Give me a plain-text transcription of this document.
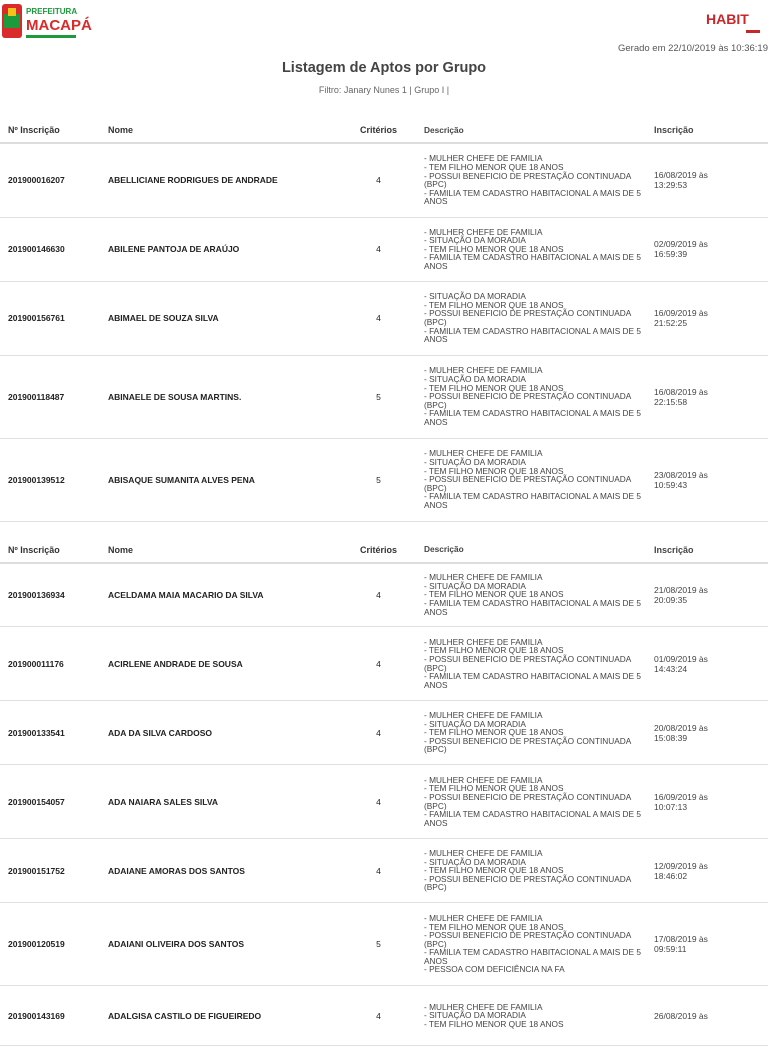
PREFEITURA
MACAPÁ	HABIT
Gerado em 22/10/2019 às 10:36:19
Listagem de Aptos por Grupo
Filtro: Janary Nunes 1 | Grupo I |
Nº Inscrição	Nome	Critérios	Descrição	Inscrição
201900016207	ABELLICIANE RODRIGUES DE ANDRADE	4	- MULHER CHEFE DE FAMILIA
- TEM FILHO MENOR QUE 18 ANOS
- POSSUI BENEFICIO DE PRESTAÇÃO CONTINUADA (BPC)
- FAMILIA TEM CADASTRO HABITACIONAL A MAIS DE 5 ANOS	16/08/2019 às
13:29:53

201900146630	ABILENE PANTOJA DE ARAÚJO	4	- MULHER CHEFE DE FAMILIA
- SITUAÇÃO DA MORADIA
- TEM FILHO MENOR QUE 18 ANOS
- FAMILIA TEM CADASTRO HABITACIONAL A MAIS DE 5 ANOS	02/09/2019 às
16:59:39

201900156761	ABIMAEL DE SOUZA SILVA	4	- SITUAÇÃO DA MORADIA
- TEM FILHO MENOR QUE 18 ANOS
- POSSUI BENEFICIO DE PRESTAÇÃO CONTINUADA (BPC)
- FAMILIA TEM CADASTRO HABITACIONAL A MAIS DE 5 ANOS	16/09/2019 às
21:52:25

201900118487	ABINAELE DE SOUSA MARTINS.	5	- MULHER CHEFE DE FAMILIA
- SITUAÇÃO DA MORADIA
- TEM FILHO MENOR QUE 18 ANOS
- POSSUI BENEFICIO DE PRESTAÇÃO CONTINUADA (BPC)
- FAMILIA TEM CADASTRO HABITACIONAL A MAIS DE 5 ANOS	16/08/2019 às
22:15:58

201900139512	ABISAQUE SUMANITA ALVES PENA	5	- MULHER CHEFE DE FAMILIA
- SITUAÇÃO DA MORADIA
- TEM FILHO MENOR QUE 18 ANOS
- POSSUI BENEFICIO DE PRESTAÇÃO CONTINUADA (BPC)
- FAMILIA TEM CADASTRO HABITACIONAL A MAIS DE 5 ANOS	23/08/2019 às
10:59:43
Nº Inscrição	Nome	Critérios	Descrição	Inscrição
201900136934	ACELDAMA MAIA MACARIO DA SILVA	4	- MULHER CHEFE DE FAMILIA
- SITUAÇÃO DA MORADIA
- TEM FILHO MENOR QUE 18 ANOS
- FAMILIA TEM CADASTRO HABITACIONAL A MAIS DE 5 ANOS	21/08/2019 às
20:09:35

201900011176	ACIRLENE ANDRADE DE SOUSA	4	- MULHER CHEFE DE FAMILIA
- TEM FILHO MENOR QUE 18 ANOS
- POSSUI BENEFICIO DE PRESTAÇÃO CONTINUADA (BPC)
- FAMILIA TEM CADASTRO HABITACIONAL A MAIS DE 5 ANOS	01/09/2019 às
14:43:24

201900133541	ADA DA SILVA CARDOSO	4	- MULHER CHEFE DE FAMILIA
- SITUAÇÃO DA MORADIA
- TEM FILHO MENOR QUE 18 ANOS
- POSSUI BENEFICIO DE PRESTAÇÃO CONTINUADA (BPC)	20/08/2019 às
15:08:39

201900154057	ADA NAIARA SALES SILVA	4	- MULHER CHEFE DE FAMILIA
- TEM FILHO MENOR QUE 18 ANOS
- POSSUI BENEFICIO DE PRESTAÇÃO CONTINUADA (BPC)
- FAMILIA TEM CADASTRO HABITACIONAL A MAIS DE 5 ANOS	16/09/2019 às
10:07:13

201900151752	ADAIANE AMORAS DOS SANTOS	4	- MULHER CHEFE DE FAMILIA
- SITUAÇÃO DA MORADIA
- TEM FILHO MENOR QUE 18 ANOS
- POSSUI BENEFICIO DE PRESTAÇÃO CONTINUADA (BPC)	12/09/2019 às
18:46:02

201900120519	ADAIANI OLIVEIRA DOS SANTOS	5	- MULHER CHEFE DE FAMILIA
- TEM FILHO MENOR QUE 18 ANOS
- POSSUI BENEFICIO DE PRESTAÇÃO CONTINUADA (BPC)
- FAMILIA TEM CADASTRO HABITACIONAL A MAIS DE 5 ANOS
- PESSOA COM DEFICIÊNCIA NA FA	17/08/2019 às
09:59:11

201900143169	ADALGISA CASTILO DE FIGUEIREDO	4	- MULHER CHEFE DE FAMILIA
- SITUAÇÃO DA MORADIA
- TEM FILHO MENOR QUE 18 ANOS	26/08/2019 às
